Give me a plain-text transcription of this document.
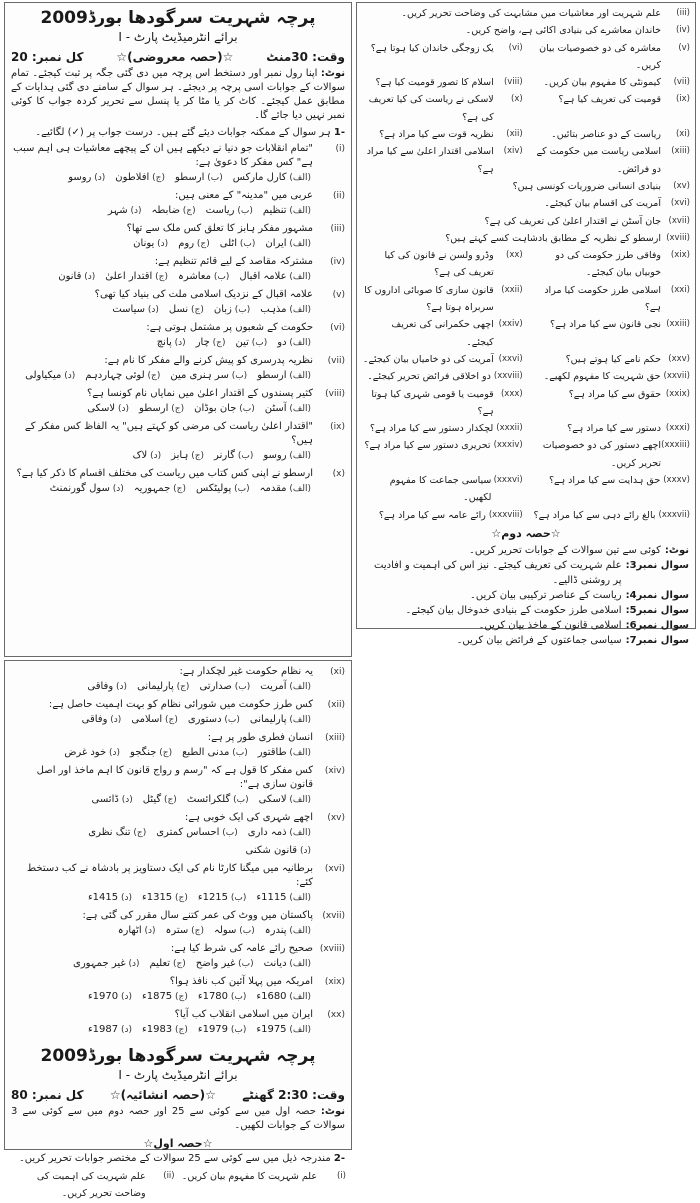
پرچہ شہریت سرگودھا بورڈ2009
برائے انٹرمیڈیٹ پارٹ - I
وقت: 30منٹ
☆(حصہ معروضی)☆
کل نمبر: 20
نوٹ: اپنا رول نمبر اور دستخط اس پرچہ میں دی گئی جگہ پر ثبت کیجئے۔ تمام سوالات کے جوابات اسی پرچہ پر دیجئے۔ ہر سوال کے سامنے دی گئی ہدایات کے مطابق عمل کیجئے۔ کاٹ کر یا مٹا کر یا پنسل سے تحریر کردہ جواب کا کوئی نمبر نہیں دیا جائے گا۔
-1 ہر سوال کے ممکنہ جوابات دیئے گئے ہیں۔ درست جواب پر (✓) لگائیے۔
(i)
"تمام انقلابات جو دنیا نے دیکھے ہیں ان کے پیچھے معاشیات ہی اہم سبب ہے" کس مفکر کا دعویٰ ہے:
(الف) کارل مارکس
(ب) ارسطو
(ج) افلاطون
(د) روسو
(ii)
عربی میں "مدینہ" کے معنی ہیں:
(الف) تنظیم
(ب) ریاست
(ج) ضابطہ
(د) شہر
(iii)
مشہور مفکر ہابز کا تعلق کس ملک سے تھا؟
(الف) ایران
(ب) اٹلی
(ج) روم
(د) یونان
(iv)
مشترکہ مقاصد کے لیے قائم تنظیم ہے:
(الف) علامہ اقبال
(ب) معاشرہ
(ج) اقتدار اعلیٰ
(د) قانون
(v)
علامہ اقبال کے نزدیک اسلامی ملت کی بنیاد کیا تھی؟
(الف) مذہب
(ب) زبان
(ج) نسل
(د) سیاست
(vi)
حکومت کے شعبوں پر مشتمل ہوتی ہے:
(الف) دو
(ب) تین
(ج) چار
(د) پانچ
(vii)
نظریہ پدرسری کو پیش کرنے والے مفکر کا نام ہے:
(الف) ارسطو
(ب) سر ہنری مین
(ج) لوئی چہاردہم
(د) میکیاولی
(viii)
کثیر پسندوں کے اقتدار اعلیٰ میں نمایاں نام کونسا ہے؟
(الف) آسٹن
(ب) جان بوڈان
(ج) ارسطو
(د) لاسکی
(ix)
"اقتدار اعلیٰ ریاست کی مرضی کو کہتے ہیں" یہ الفاظ کس مفکر کے ہیں؟
(الف) روسو
(ب) گارنر
(ج) ہابز
(د) لاک
(x)
ارسطو نے اپنی کس کتاب میں ریاست کی مختلف اقسام کا ذکر کیا ہے؟
(الف) مقدمہ
(ب) پولیٹکس
(ج) جمہوریہ
(د) سول گورنمنٹ
(iii)
علم شہریت اور معاشیات میں مشابہت کی وضاحت تحریر کریں۔
(iv)
خاندان معاشرے کی بنیادی اکائی ہے، واضح کریں۔
(v)
معاشرہ کی دو خصوصیات بیان کریں۔
(vi)
یک زوجگی خاندان کیا ہوتا ہے؟
(vii)
کیمونٹی کا مفہوم بیان کریں۔
(viii)
اسلام کا تصور قومیت کیا ہے؟
(ix)
قومیت کی تعریف کیا ہے؟
(x)
لاسکی نے ریاست کی کیا تعریف کی ہے؟
(xi)
ریاست کے دو عناصر بتائیں۔
(xii)
نظریہ قوت سے کیا مراد ہے؟
(xiii)
اسلامی ریاست میں حکومت کے دو فرائض۔
(xiv)
اسلامی اقتدار اعلیٰ سے کیا مراد ہے؟
(xv)
بنیادی انسانی ضروریات کونسی ہیں؟
(xvi)
آمریت کی اقسام بیان کیجئے۔
(xvii)
جان آسٹن نے اقتدار اعلیٰ کی تعریف کی ہے؟
(xviii)
ارسطو کے نظریہ کے مطابق بادشاہت کسے کہتے ہیں؟
(xix)
وفاقی طرز حکومت کی دو خوبیاں بیان کیجئے۔
(xx)
وڈرو ولسن نے قانون کی کیا تعریف کی ہے؟
(xxi)
اسلامی طرز حکومت کیا مراد ہے؟
(xxii)
قانون سازی کا صوبائی اداروں کا سربراہ ہوتا ہے؟
(xxiii)
نجی قانون سے کیا مراد ہے؟
(xxiv)
اچھی حکمرانی کی تعریف کیجئے۔
(xxv)
حکم نامے کیا ہوتے ہیں؟
(xxvi)
آمریت کی دو خامیاں بیان کیجئے۔
(xxvii)
حق شہریت کا مفہوم لکھیے۔
(xxviii)
دو اخلاقی فرائض تحریر کیجئے۔
(xxix)
حقوق سے کیا مراد ہے؟
(xxx)
قومیت یا قومی شہری کیا ہوتا ہے؟
(xxxi)
دستور سے کیا مراد ہے؟
(xxxii)
لچکدار دستور سے کیا مراد ہے؟
(xxxiii)
اچھے دستور کی دو خصوصیات تحریر کریں۔
(xxxiv)
تحریری دستور سے کیا مراد ہے؟
(xxxv)
حق ہدایت سے کیا مراد ہے؟
(xxxvi)
سیاسی جماعت کا مفہوم لکھیں۔
(xxxvii)
بالغ رائے دہی سے کیا مراد ہے؟
(xxxviii)
رائے عامہ سے کیا مراد ہے؟
☆حصہ دوم☆
نوٹ:
کوئی سے تین سوالات کے جوابات تحریر کریں۔
سوال نمبر3:
علم شہریت کی تعریف کیجئے۔ نیز اس کی اہمیت و افادیت پر روشنی ڈالیے۔
سوال نمبر4:
ریاست کے عناصر ترکیبی بیان کریں۔
سوال نمبر5:
اسلامی طرز حکومت کے بنیادی خدوخال بیان کیجئے۔
سوال نمبر6:
اسلامی قانون کے ماخذ بیان کریں۔
سوال نمبر7:
سیاسی جماعتوں کے فرائض بیان کریں۔
(xi)
یہ نظام حکومت غیر لچکدار ہے:
(الف) آمریت
(ب) صدارتی
(ج) پارلیمانی
(د) وفاقی
(xii)
کس طرز حکومت میں شورائی نظام کو بہت اہمیت حاصل ہے:
(الف) پارلیمانی
(ب) دستوری
(ج) اسلامی
(د) وفاقی
(xiii)
انسان فطری طور پر ہے:
(الف) طاقتور
(ب) مدنی الطبع
(ج) جنگجو
(د) خود غرض
(xiv)
کس مفکر کا قول ہے کہ "رسم و رواج قانون کا اہم ماخذ اور اصل قانون سازی ہے":
(الف) لاسکی
(ب) گلکرائسٹ
(ج) گیٹل
(د) ڈائسی
(xv)
اچھے شہری کی ایک خوبی ہے:
(الف) ذمہ داری
(ب) احساس کمتری
(ج) تنگ نظری
(د) قانون شکنی
(xvi)
برطانیہ میں میگنا کارٹا نام کی ایک دستاویز پر بادشاہ نے کب دستخط کئے:
(الف) 1115ء
(ب) 1215ء
(ج) 1315ء
(د) 1415ء
(xvii)
پاکستان میں ووٹ کی عمر کتنے سال مقرر کی گئی ہے:
(الف) پندرہ
(ب) سولہ
(ج) سترہ
(د) اٹھارہ
(xviii)
صحیح رائے عامہ کی شرط کیا ہے:
(الف) دیانت
(ب) غیر واضح
(ج) تعلیم
(د) غیر جمہوری
(xix)
امریکہ میں پہلا آئین کب نافذ ہوا؟
(الف) 1680ء
(ب) 1780ء
(ج) 1875ء
(د) 1970ء
(xx)
ایران میں اسلامی انقلاب کب آیا؟
(الف) 1975ء
(ب) 1979ء
(ج) 1983ء
(د) 1987ء
پرچہ شہریت سرگودھا بورڈ2009
برائے انٹرمیڈیٹ پارٹ - I
وقت: 2:30 گھنٹے
☆(حصہ انشائیہ)☆
کل نمبر: 80
نوٹ: حصہ اول میں سے کوئی سے 25 اور حصہ دوم میں سے کوئی سے 3 سوالات کے جوابات لکھیں۔
☆حصہ اول☆
-2 مندرجہ ذیل میں سے کوئی سے 25 سوالات کے مختصر جوابات تحریر کریں۔
(i)
علم شہریت کا مفہوم بیان کریں۔
(ii)
علم شہریت کی اہمیت کی وضاحت تحریر کریں۔
